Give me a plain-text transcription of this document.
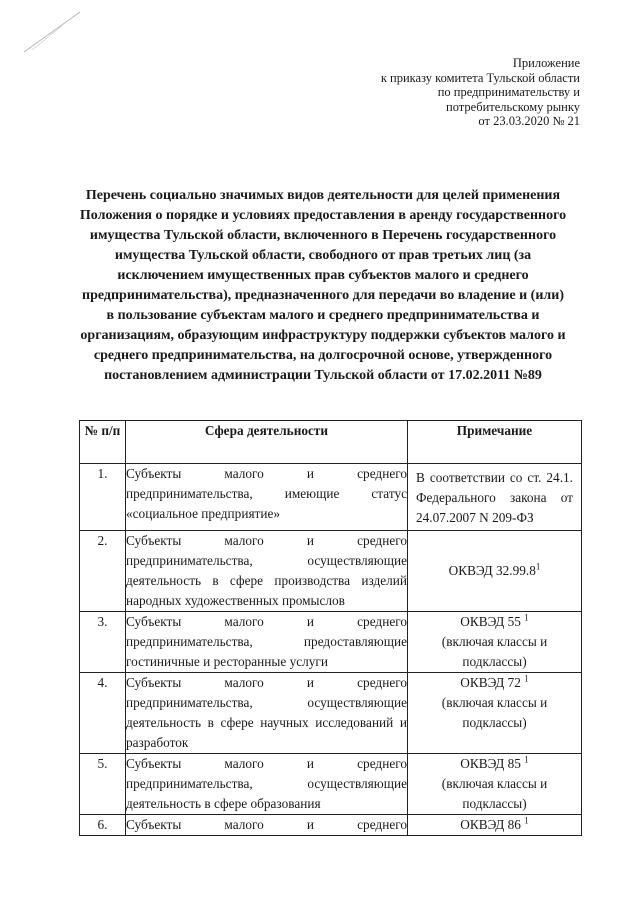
Приложение
к приказу комитета Тульской области
по предпринимательству и
потребительскому рынку
от 23.03.2020 № 21
Перечень социально значимых видов деятельности для целей применения Положения о порядке и условиях предоставления в аренду государственного имущества Тульской области, включенного в Перечень государственного имущества Тульской области, свободного от прав третьих лиц (за исключением имущественных прав субъектов малого и среднего предпринимательства), предназначенного для передачи во владение и (или) в пользование субъектам малого и среднего предпринимательства и организациям, образующим инфраструктуру поддержки субъектов малого и среднего предпринимательства, на долгосрочной основе, утвержденного постановлением администрации Тульской области от 17.02.2011 №89
№ п/п	Сфера деятельности	Примечание
1.	Субъекты малого и среднего предпринимательства, имеющие статус «социальное предприятие»	В соответствии со ст. 24.1. Федерального закона от 24.07.2007 N 209-ФЗ
2.	Субъекты малого и среднего предпринимательства, осуществляющие деятельность в сфере производства изделий народных художественных промыслов	ОКВЭД 32.99.8$^1$
3.	Субъекты малого и среднего предпринимательства, предоставляющие гостиничные и ресторанные услуги	ОКВЭД 55 $^1$
(включая классы и подклассы)
4.	Субъекты малого и среднего предпринимательства, осуществляющие деятельность в сфере научных исследований и разработок	ОКВЭД 72 $^1$
(включая классы и подклассы)
5.	Субъекты малого и среднего предпринимательства, осуществляющие деятельность в сфере образования	ОКВЭД 85 $^1$
(включая классы и подклассы)
6.	Субъекты малого и среднего	ОКВЭД 86 $^1$
